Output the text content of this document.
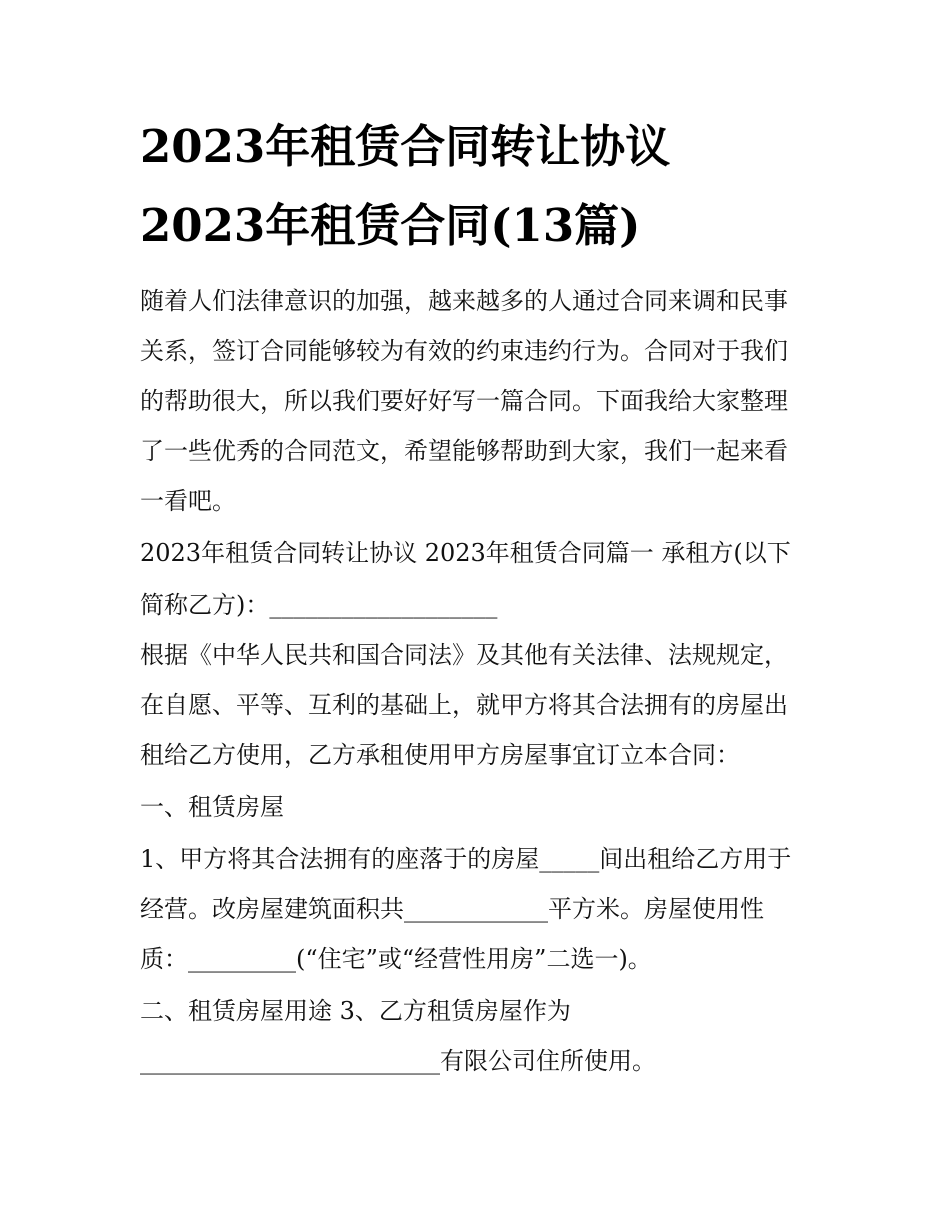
2023年租赁合同转让协议
2023年租赁合同(13篇)
随着人们法律意识的加强，越来越多的人通过合同来调和民事
关系，签订合同能够较为有效的约束违约行为。合同对于我们
的帮助很大，所以我们要好好写一篇合同。下面我给大家整理
了一些优秀的合同范文，希望能够帮助到大家，我们一起来看
一看吧。
2023年租赁合同转让协议 2023年租赁合同篇一 承租方(以下
简称乙方)：___________________
根据《中华人民共和国合同法》及其他有关法律、法规规定，
在自愿、平等、互利的基础上，就甲方将其合法拥有的房屋出
租给乙方使用，乙方承租使用甲方房屋事宜订立本合同：
一、租赁房屋
1、甲方将其合法拥有的座落于的房屋_____间出租给乙方用于
经营。改房屋建筑面积共____________平方米。房屋使用性
质：_________(“住宅”或“经营性用房”二选一)。
二、租赁房屋用途 3、乙方租赁房屋作为
_________________________有限公司住所使用。
